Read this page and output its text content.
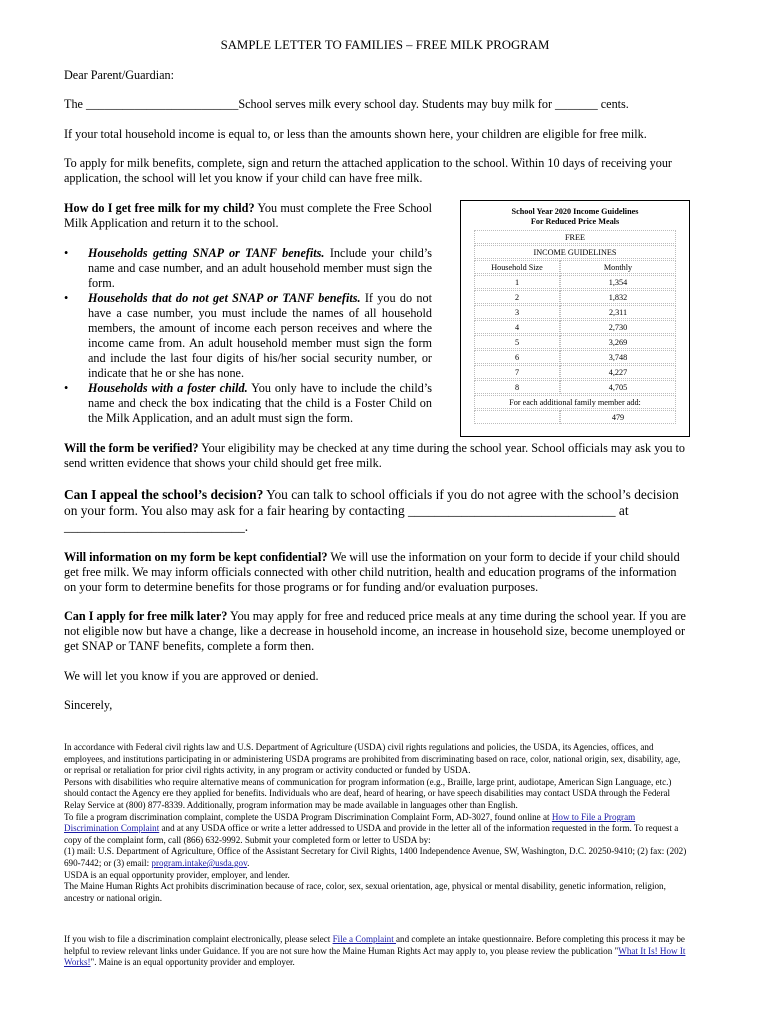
SAMPLE LETTER TO FAMILIES – FREE MILK PROGRAM
Dear Parent/Guardian:
The _________________________School serves milk every school day. Students may buy milk for _______ cents.
If your total household income is equal to, or less than the amounts shown here, your children are eligible for free milk.
To apply for milk benefits, complete, sign and return the attached application to the school. Within 10 days of receiving your application, the school will let you know if your child can have free milk.
How do I get free milk for my child? You must complete the Free School Milk Application and return it to the school.
• Households getting SNAP or TANF benefits. Include your child’s name and case number, and an adult household member must sign the form.
• Households that do not get SNAP or TANF benefits. If you do not have a case number, you must include the names of all household members, the amount of income each person receives and where the income came from. An adult household member must sign the form and include the last four digits of his/her social security number, or indicate that he or she has none.
• Households with a foster child. You only have to include the child’s name and check the box indicating that the child is a Foster Child on the Milk Application, and an adult must sign the form.
School Year 2020 Income Guidelines
For Reduced Price Meals
FREE
INCOME GUIDELINES
Household Size	Monthly
1	1,354
2	1,832
3	2,311
4	2,730
5	3,269
6	3,748
7	4,227
8	4,705
For each additional family member add:
479
Will the form be verified? Your eligibility may be checked at any time during the school year. School officials may ask you to send written evidence that shows your child should get free milk.
Can I appeal the school’s decision? You can talk to school officials if you do not agree with the school’s decision on your form. You also may ask for a fair hearing by contacting _______________________________ at ___________________________.
Will information on my form be kept confidential? We will use the information on your form to decide if your child should get free milk. We may inform officials connected with other child nutrition, health and education programs of the information on your form to determine benefits for those programs or for funding and/or evaluation purposes.
Can I apply for free milk later? You may apply for free and reduced price meals at any time during the school year. If you are not eligible now but have a change, like a decrease in household income, an increase in household size, become unemployed or get SNAP or TANF benefits, complete a form then.
We will let you know if you are approved or denied.
Sincerely,
In accordance with Federal civil rights law and U.S. Department of Agriculture (USDA) civil rights regulations and policies, the USDA, its Agencies, offices, and employees, and institutions participating in or administering USDA programs are prohibited from discriminating based on race, color, national origin, sex, disability, age, or reprisal or retaliation for prior civil rights activity, in any program or activity conducted or funded by USDA.
Persons with disabilities who require alternative means of communication for program information (e.g., Braille, large print, audiotape, American Sign Language, etc.) should contact the Agency ere they applied for benefits. Individuals who are deaf, heard of hearing, or have speech disabilities may contact USDA through the Federal Relay Service at (800) 877-8339. Additionally, program information may be made available in languages other than English.
To file a program discrimination complaint, complete the USDA Program Discrimination Complaint Form, AD-3027, found online at How to File a Program Discrimination Complaint and at any USDA office or write a letter addressed to USDA and provide in the letter all of the information requested in the form. To request a copy of the complaint form, call (866) 632-9992. Submit your completed form or letter to USDA by:
(1) mail: U.S. Department of Agriculture, Office of the Assistant Secretary for Civil Rights, 1400 Independence Avenue, SW, Washington, D.C. 20250-9410; (2) fax: (202) 690-7442; or (3) email: program.intake@usda.gov.
USDA is an equal opportunity provider, employer, and lender.
The Maine Human Rights Act prohibits discrimination because of race, color, sex, sexual orientation, age, physical or mental disability, genetic information, religion, ancestry or national origin.
If you wish to file a discrimination complaint electronically, please select File a Complaint and complete an intake questionnaire. Before completing this process it may be helpful to review relevant links under Guidance. If you are not sure how the Maine Human Rights Act may apply to, you please review the publication "What It Is! How It Works!". Maine is an equal opportunity provider and employer.
